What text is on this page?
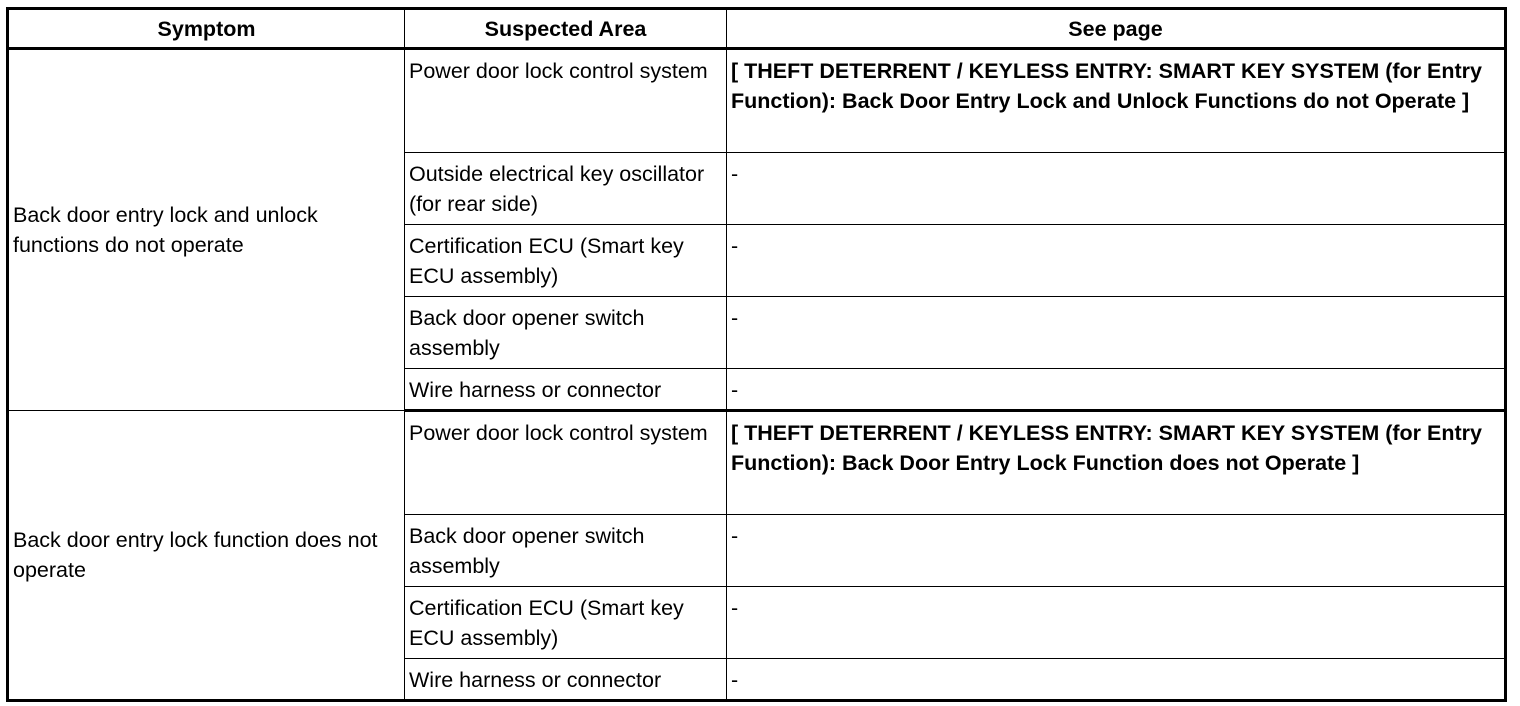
Symptom	Suspected Area	See page
Back door entry lock and unlock functions do not operate	Power door lock control system	[ THEFT DETERRENT / KEYLESS ENTRY: SMART KEY SYSTEM (for Entry Function): Back Door Entry Lock and Unlock Functions do not Operate ]
	Outside electrical key oscillator (for rear side)	-
	Certification ECU (Smart key ECU assembly)	-
	Back door opener switch assembly	-
	Wire harness or connector	-
Back door entry lock function does not operate	Power door lock control system	[ THEFT DETERRENT / KEYLESS ENTRY: SMART KEY SYSTEM (for Entry Function): Back Door Entry Lock Function does not Operate ]
	Back door opener switch assembly	-
	Certification ECU (Smart key ECU assembly)	-
	Wire harness or connector	-
